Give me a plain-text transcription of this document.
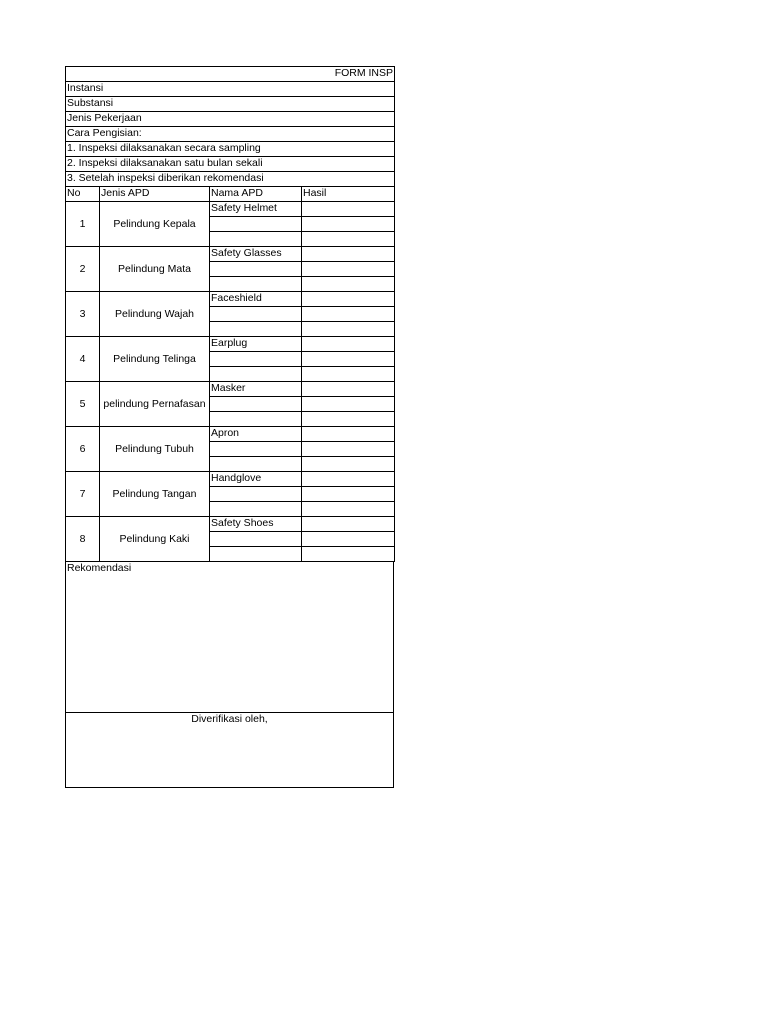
FORM INSP			
Instansi			
Substansi			
Jenis Pekerjaan			
Cara Pengisian:			
1. Inspeksi dilaksanakan secara sampling			
2. Inspeksi dilaksanakan satu bulan sekali			
3. Setelah inspeksi diberikan rekomendasi			
No	Jenis APD	Nama APD	Hasil
1	Pelindung Kepala	Safety Helmet	

2	Pelindung Mata	Safety Glasses	

3	Pelindung Wajah	Faceshield	

4	Pelindung Telinga	Earplug	

5	pelindung Pernafasan	Masker	

6	Pelindung Tubuh	Apron	

7	Pelindung Tangan	Handglove	

8	Pelindung Kaki	Safety Shoes	

Rekomendasi
Diverifikasi oleh,
